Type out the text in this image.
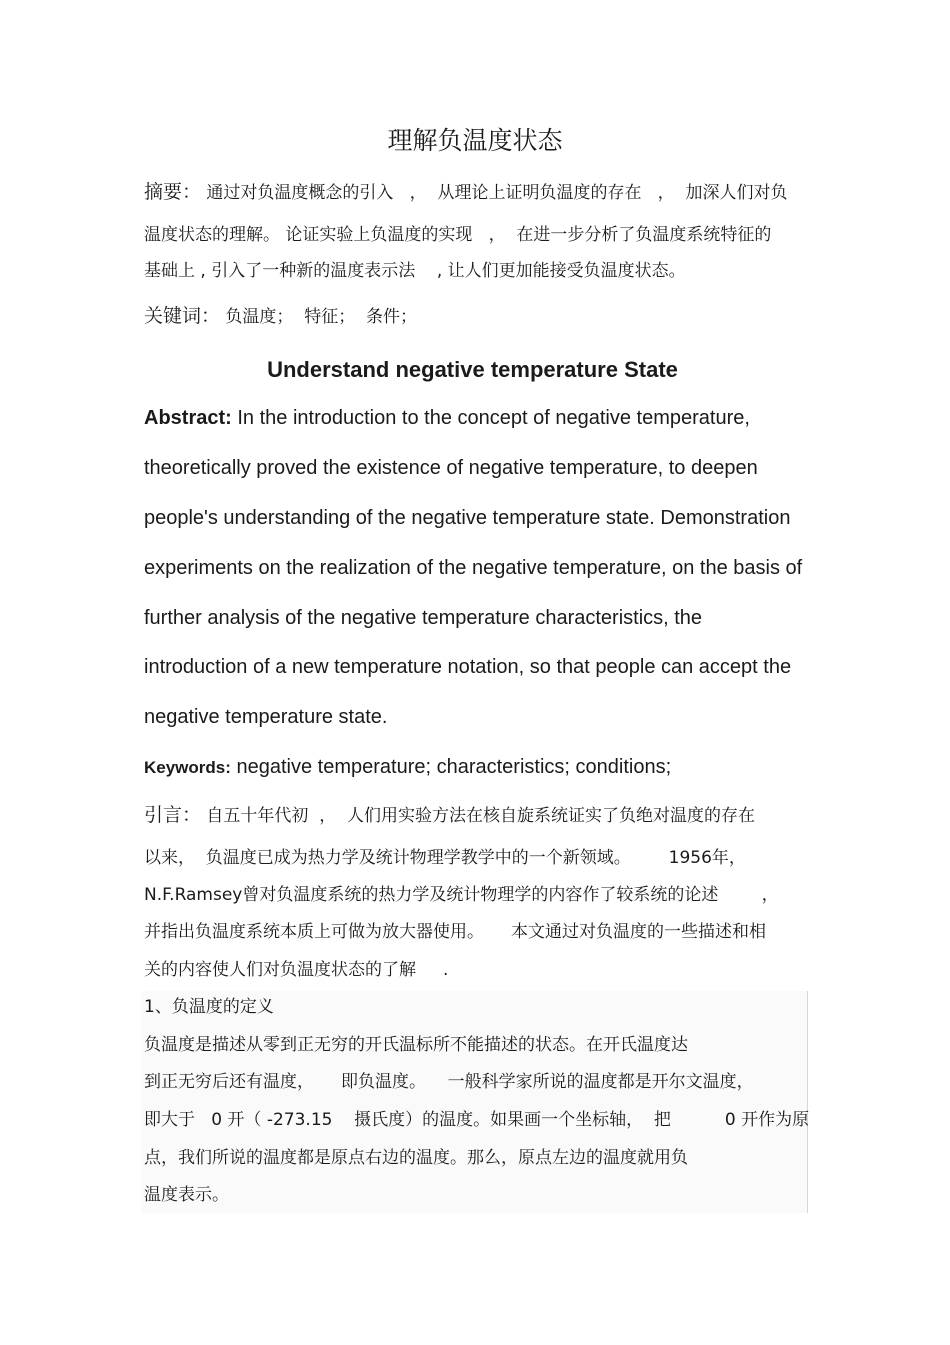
理解负温度状态
摘要： 通过对负温度概念的引入   ，  从理论上证明负温度的存在   ，  加深人们对负
温度状态的理解。 论证实验上负温度的实现   ，  在进一步分析了负温度系统特征的
基础上 , 引入了一种新的温度表示法    , 让人们更加能接受负温度状态。
关键词： 负温度；  特征；  条件；
Understand negative temperature State
Abstract: In the introduction to the concept of negative temperature,
theoretically proved the existence of negative temperature, to deepen
people's understanding of the negative temperature state. Demonstration
experiments on the realization of the negative temperature, on the basis of
further analysis of the negative temperature characteristics, the
introduction of a new temperature notation, so that people can accept the
negative temperature state.
Keywords: negative temperature; characteristics; conditions;
引言： 自五十年代初  ，  人们用实验方法在核自旋系统证实了负绝对温度的存在
以来，  负温度已成为热力学及统计物理学教学中的一个新领域。       1956年，
N.F.Ramsey曾对负温度系统的热力学及统计物理学的内容作了较系统的论述        ，
并指出负温度系统本质上可做为放大器使用。     本文通过对负温度的一些描述和相
关的内容使人们对负温度状态的了解     .
1、负温度的定义
负温度是描述从零到正无穷的开氏温标所不能描述的状态。在开氏温度达
到正无穷后还有温度，     即负温度。    一般科学家所说的温度都是开尔文温度，
即大于   0 开（ -273.15    摄氏度）的温度。如果画一个坐标轴，  把          0 开作为原
点，我们所说的温度都是原点右边的温度。那么，原点左边的温度就用负
温度表示。
